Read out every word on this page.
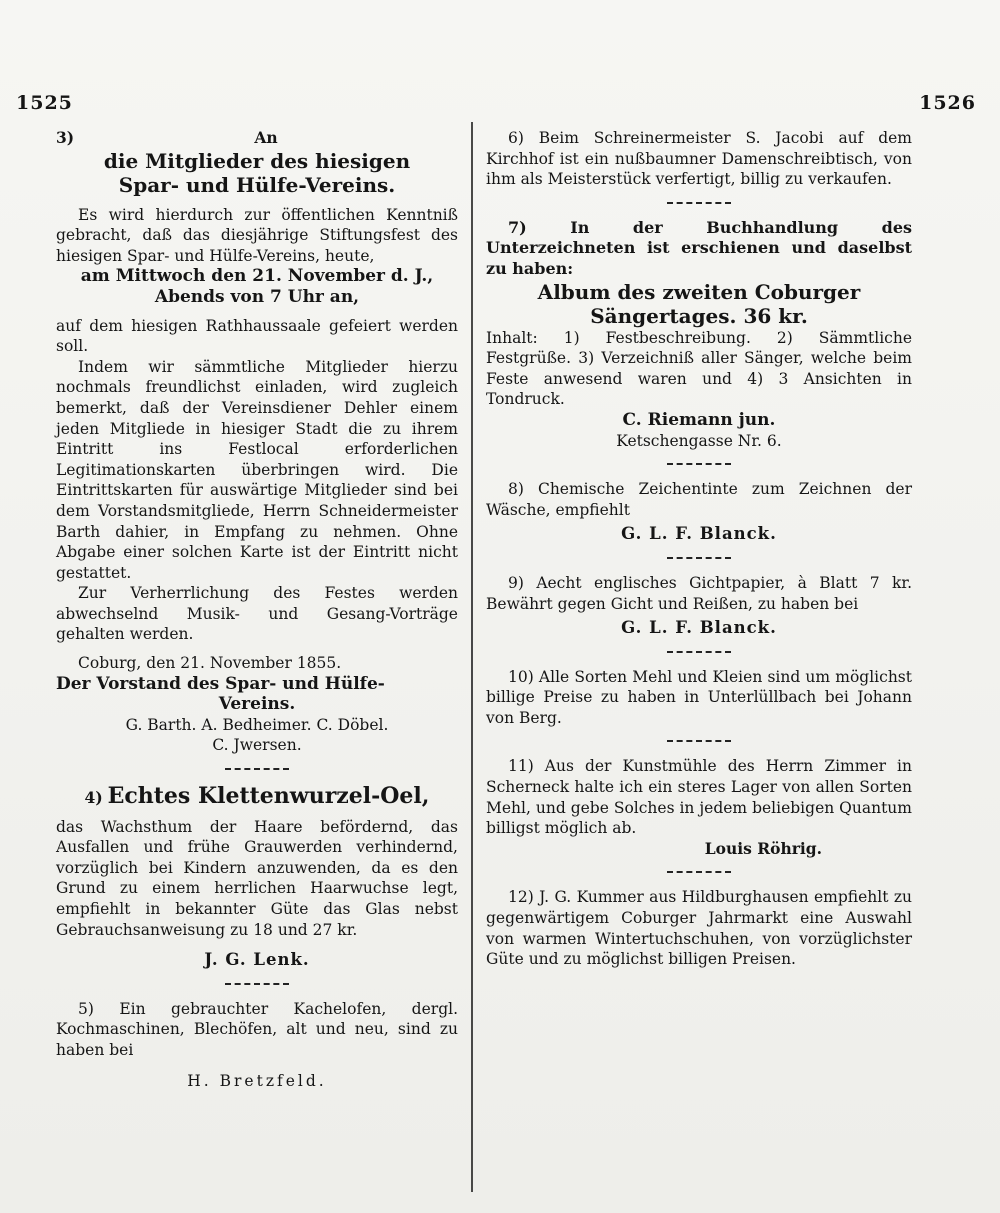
1525	1526

3)	An

die Mitglieder des hiesigen

Spar- und Hülfe-Vereins.

Es wird hierdurch zur öffentlichen Kenntniß gebracht, daß das diesjährige Stiftungsfest des hiesigen Spar- und Hülfe-Vereins, heute,

am Mittwoch den 21. November d. J.,

Abends von 7 Uhr an,

auf dem hiesigen Rathhaussaale gefeiert werden soll.

Indem wir sämmtliche Mitglieder hierzu nochmals freundlichst einladen, wird zugleich bemerkt, daß der Vereinsdiener Dehler einem jeden Mitgliede in hiesiger Stadt die zu ihrem Eintritt ins Festlocal erforderlichen Legitimationskarten überbringen wird. Die Eintrittskarten für auswärtige Mitglieder sind bei dem Vorstandsmitgliede, Herrn Schneidermeister Barth dahier, in Empfang zu nehmen. Ohne Abgabe einer solchen Karte ist der Eintritt nicht gestattet.

Zur Verherrlichung des Festes werden abwechselnd Musik- und Gesang-Vorträge gehalten werden.

Coburg, den 21. November 1855.

Der Vorstand des Spar- und Hülfe-

Vereins.

G. Barth. A. Bedheimer. C. Döbel.

C. Jwersen.

4) Echtes Klettenwurzel-Oel,

das Wachsthum der Haare befördernd, das Ausfallen und frühe Grauwerden verhindernd, vorzüglich bei Kindern anzuwenden, da es den Grund zu einem herrlichen Haarwuchse legt, empfiehlt in bekannter Güte das Glas nebst Gebrauchsanweisung zu 18 und 27 kr.

J. G. Lenk.

5) Ein gebrauchter Kachelofen, dergl. Kochmaschinen, Blechöfen, alt und neu, sind zu haben bei

H. Bretzfeld.

6) Beim Schreinermeister S. Jacobi auf dem Kirchhof ist ein nußbaumner Damenschreibtisch, von ihm als Meisterstück verfertigt, billig zu verkaufen.

7) In der Buchhandlung des Unterzeichneten ist erschienen und daselbst zu haben:

Album des zweiten Coburger

Sängertages. 36 kr.

Inhalt: 1) Festbeschreibung. 2) Sämmtliche Festgrüße. 3) Verzeichniß aller Sänger, welche beim Feste anwesend waren und 4) 3 Ansichten in Tondruck.

C. Riemann jun.

Ketschengasse Nr. 6.

8) Chemische Zeichentinte zum Zeichnen der Wäsche, empfiehlt

G. L. F. Blanck.

9) Aecht englisches Gichtpapier, à Blatt 7 kr. Bewährt gegen Gicht und Reißen, zu haben bei

G. L. F. Blanck.

10) Alle Sorten Mehl und Kleien sind um möglichst billige Preise zu haben in Unterlüllbach bei Johann von Berg.

11) Aus der Kunstmühle des Herrn Zimmer in Scherneck halte ich ein steres Lager von allen Sorten Mehl, und gebe Solches in jedem beliebigen Quantum billigst möglich ab.

Louis Röhrig.

12) J. G. Kummer aus Hildburghausen empfiehlt zu gegenwärtigem Coburger Jahrmarkt eine Auswahl von warmen Wintertuchschuhen, von vorzüglichster Güte und zu möglichst billigen Preisen.
